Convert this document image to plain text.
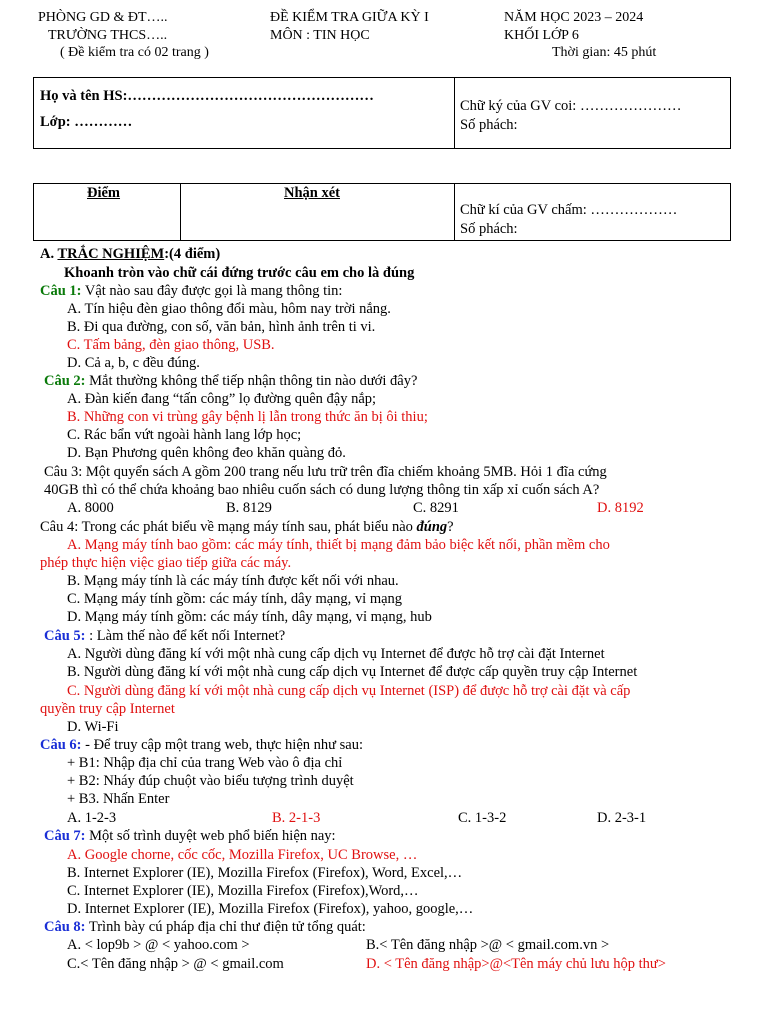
PHÒNG GD & ĐT…..
TRƯỜNG THCS…..
( Đề kiểm tra có 02 trang )
ĐỀ KIỂM TRA GIỮA KỲ I
MÔN : TIN HỌC
NĂM HỌC 2023 – 2024
KHỐI LỚP 6
Thời gian: 45 phút
Họ và tên HS:……………………………………………
Lớp: …………
Chữ ký của GV coi: …………………
Số phách:
Điểm	Nhận xét
Chữ kí của GV chấm: ………………
Số phách:
A. TRẮC NGHIỆM:(4 điểm)
Khoanh tròn vào chữ cái đứng trước câu em cho là đúng
Câu 1: Vật nào sau đây được gọi là mang thông tin:
A. Tín hiệu đèn giao thông đổi màu, hôm nay trời nắng.
B. Đi qua đường, con số, văn bản, hình ảnh trên ti vi.
C. Tấm bảng, đèn giao thông, USB.
D. Cả a, b, c đều đúng.
Câu 2: Mắt thường không thể tiếp nhận thông tin nào dưới đây?
A. Đàn kiến đang “tấn công” lọ đường quên đậy nắp;
B. Những con vi trùng gây bệnh lị lẫn trong thức ăn bị ôi thiu;
C. Rác bẩn vứt ngoài hành lang lớp học;
D. Bạn Phương quên không đeo khăn quàng đỏ.
Câu 3: Một quyển sách A gồm 200 trang nếu lưu trữ trên đĩa chiếm khoảng 5MB. Hỏi 1 đĩa cứng
40GB thì có thể chứa khoảng bao nhiêu cuốn sách có dung lượng thông tin xấp xỉ cuốn sách A?
A. 8000	B. 8129	C. 8291	D. 8192
Câu 4: Trong các phát biểu về mạng máy tính sau, phát biểu nào đúng?
A. Mạng máy tính bao gồm: các máy tính, thiết bị mạng đảm bảo biệc kết nối, phần mềm cho
phép thực hiện việc giao tiếp giữa các máy.
B. Mạng máy tính là các máy tính được kết nối với nhau.
C. Mạng máy tính gồm: các máy tính, dây mạng, vỉ mạng
D. Mạng máy tính gồm: các máy tính, dây mạng, vỉ mạng, hub
Câu 5: : Làm thế nào để kết nối Internet?
A. Người dùng đăng kí với một nhà cung cấp dịch vụ Internet để được hỗ trợ cài đặt Internet
B. Người dùng đăng kí với một nhà cung cấp dịch vụ Internet để được cấp quyền truy cập Internet
C. Người dùng đăng kí với một nhà cung cấp dịch vụ Internet (ISP) để được hỗ trợ cài đặt và cấp
quyền truy cập Internet
D. Wi-Fi
Câu 6: - Để truy cập một trang web, thực hiện như sau:
+ B1: Nhập địa chỉ của trang Web vào ô địa chỉ
+ B2: Nháy đúp chuột vào biểu tượng trình duyệt
+ B3. Nhấn Enter
A. 1-2-3	B. 2-1-3	C. 1-3-2	D. 2-3-1
Câu 7: Một số trình duyệt web phổ biến hiện nay:
A. Google chorne, cốc cốc, Mozilla Firefox, UC Browse, …
B. Internet Explorer (IE), Mozilla Firefox (Firefox), Word, Excel,…
C. Internet Explorer (IE), Mozilla Firefox (Firefox),Word,…
D. Internet Explorer (IE), Mozilla Firefox (Firefox), yahoo, google,…
Câu 8: Trình bày cú pháp địa chỉ thư điện tử tổng quát:
A. < lop9b > @ < yahoo.com >	B.< Tên đăng nhập >@ < gmail.com.vn >
C.< Tên đăng nhập > @ < gmail.com	D. < Tên đăng nhập>@<Tên máy chủ lưu hộp thư>
